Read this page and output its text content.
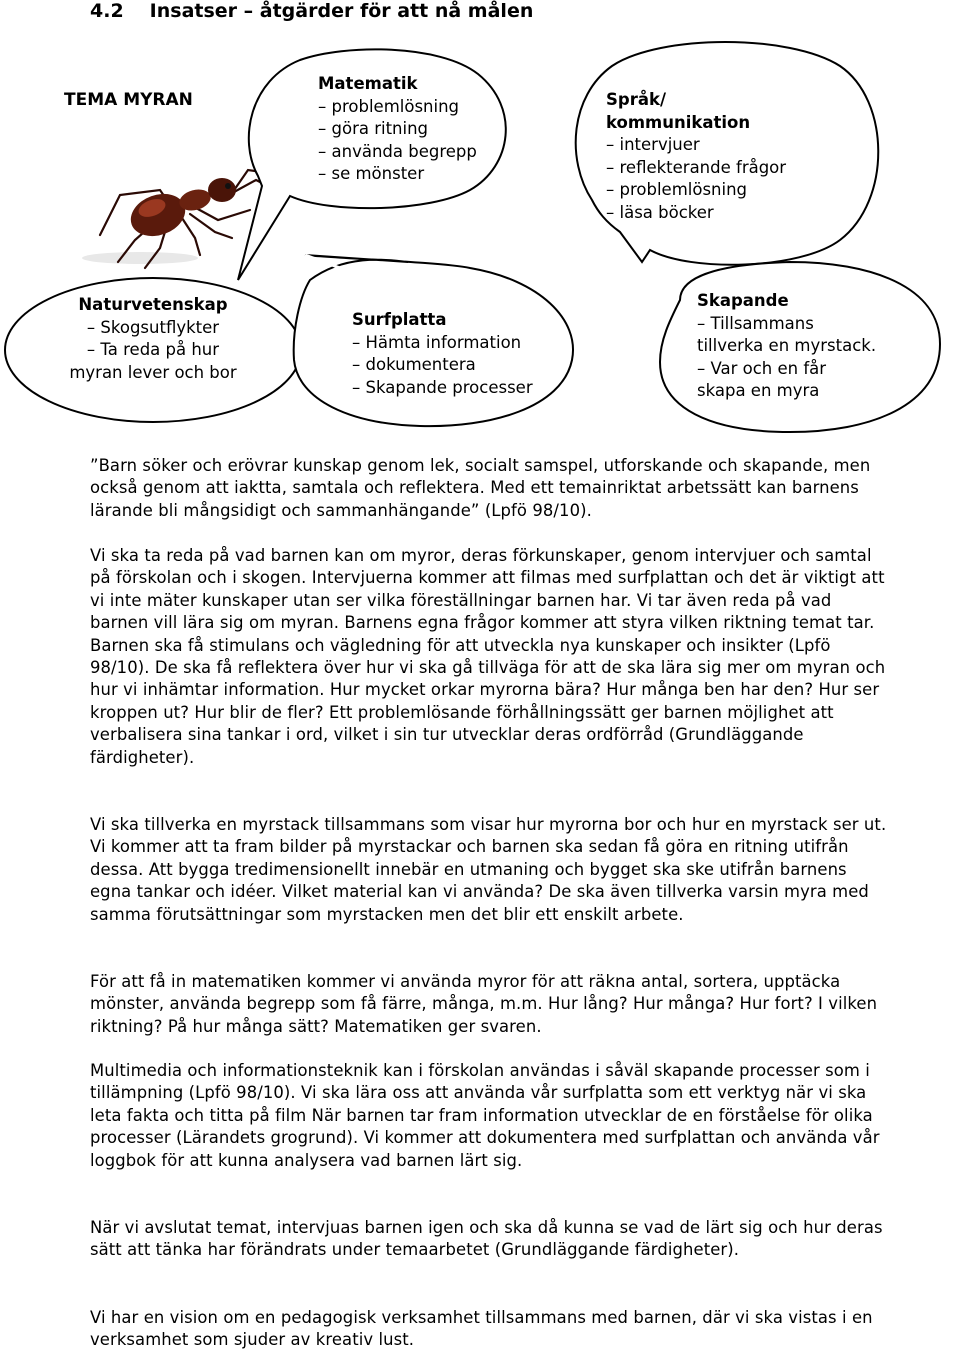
4.2 Insatser – åtgärder för att nå målen
TEMA MYRAN
Matematik
– problemlösning
– göra ritning
– använda begrepp
– se mönster
Språk/
kommunikation
– intervjuer
– reflekterande frågor
– problemlösning
– läsa böcker
Naturvetenskap
– Skogsutflykter
– Ta reda på hur
myran lever och bor
Surfplatta
– Hämta information
– dokumentera
– Skapande processer
Skapande
– Tillsammans
tillverka en myrstack.
– Var och en får
skapa en myra

”Barn söker och erövrar kunskap genom lek, socialt samspel, utforskande och skapande, men också genom att iaktta, samtala och reflektera. Med ett temainriktat arbetssätt kan barnens lärande bli mångsidigt och sammanhängande” (Lpfö 98/10).

Vi ska ta reda på vad barnen kan om myror, deras förkunskaper, genom intervjuer och samtal på förskolan och i skogen. Intervjuerna kommer att filmas med surfplattan och det är viktigt att vi inte mäter kunskaper utan ser vilka föreställningar barnen har. Vi tar även reda på vad barnen vill lära sig om myran. Barnens egna frågor kommer att styra vilken riktning temat tar. Barnen ska få stimulans och vägledning för att utveckla nya kunskaper och insikter (Lpfö 98/10). De ska få reflektera över hur vi ska gå tillväga för att de ska lära sig mer om myran och hur vi inhämtar information. Hur mycket orkar myrorna bära? Hur många ben har den? Hur ser kroppen ut? Hur blir de fler? Ett problemlösande förhållningssätt ger barnen möjlighet att verbalisera sina tankar i ord, vilket i sin tur utvecklar deras ordförråd (Grundläggande färdigheter).

Vi ska tillverka en myrstack tillsammans som visar hur myrorna bor och hur en myrstack ser ut. Vi kommer att ta fram bilder på myrstackar och barnen ska sedan få göra en ritning utifrån dessa. Att bygga tredimensionellt innebär en utmaning och bygget ska ske utifrån barnens egna tankar och idéer. Vilket material kan vi använda? De ska även tillverka varsin myra med samma förutsättningar som myrstacken men det blir ett enskilt arbete.

För att få in matematiken kommer vi använda myror för att räkna antal, sortera, upptäcka mönster, använda begrepp som få färre, många, m.m. Hur lång? Hur många? Hur fort? I vilken riktning? På hur många sätt? Matematiken ger svaren.

Multimedia och informationsteknik kan i förskolan användas i såväl skapande processer som i tillämpning (Lpfö 98/10). Vi ska lära oss att använda vår surfplatta som ett verktyg när vi ska leta fakta och titta på film När barnen tar fram information utvecklar de en förståelse för olika processer (Lärandets grogrund). Vi kommer att dokumentera med surfplattan och använda vår loggbok för att kunna analysera vad barnen lärt sig.

När vi avslutat temat, intervjuas barnen igen och ska då kunna se vad de lärt sig och hur deras sätt att tänka har förändrats under temaarbetet (Grundläggande färdigheter).

Vi har en vision om en pedagogisk verksamhet tillsammans med barnen, där vi ska vistas i en verksamhet som sjuder av kreativ lust.
